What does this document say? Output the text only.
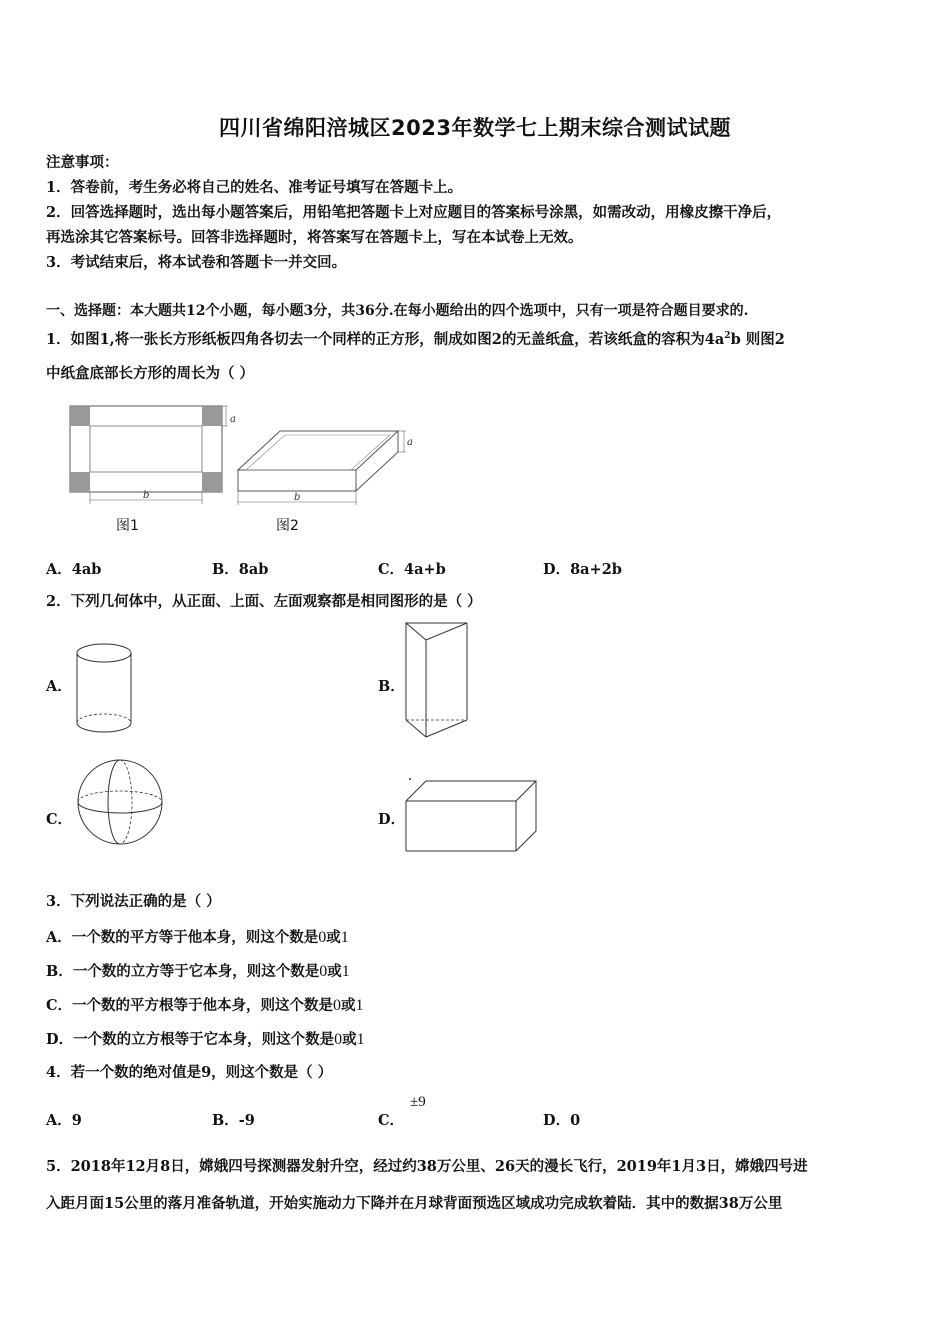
四川省绵阳涪城区2023年数学七上期末综合测试试题
注意事项：
1．答卷前，考生务必将自己的姓名、准考证号填写在答题卡上。
2．回答选择题时，选出每小题答案后，用铅笔把答题卡上对应题目的答案标号涂黑，如需改动，用橡皮擦干净后，
再选涂其它答案标号。回答非选择题时，将答案写在答题卡上，写在本试卷上无效。
3．考试结束后，将本试卷和答题卡一并交回。
一、选择题：本大题共12个小题，每小题3分，共36分.在每小题给出的四个选项中，只有一项是符合题目要求的.
1．如图1,将一张长方形纸板四角各切去一个同样的正方形，制成如图2的无盖纸盒，若该纸盒的容积为$4a^2b$ 则图2
中纸盒底部长方形的周长为（ ）
a
b
图1
a
b
图2
A．4ab	B．8ab	C．4a+b	D．8a+2b
2．下列几何体中，从正面、上面、左面观察都是相同图形的是（ ）
A．	B．
C．	D．
3．下列说法正确的是（ ）
A．一个数的平方等于他本身，则这个数是0或1
B．一个数的立方等于它本身，则这个数是0或1
C．一个数的平方根等于他本身，则这个数是0或1
D．一个数的立方根等于它本身，则这个数是0或1
4．若一个数的绝对值是9，则这个数是（ ）
A．9	B．-9	C．
±9
D．0
5．2018年12月8日，嫦娥四号探测器发射升空，经过约38万公里、26天的漫长飞行，2019年1月3日，嫦娥四号进
入距月面15公里的落月准备轨道，开始实施动力下降并在月球背面预选区域成功完成软着陆．其中的数据38万公里
